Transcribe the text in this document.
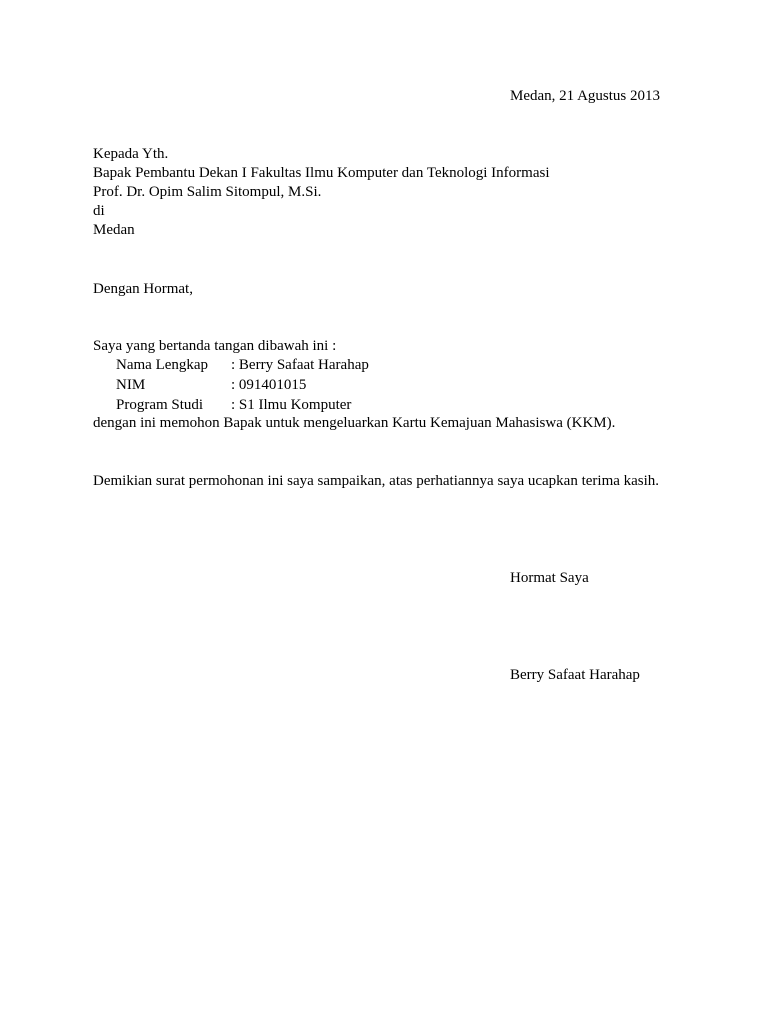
Medan, 21 Agustus 2013
Kepada Yth.
Bapak Pembantu Dekan I Fakultas Ilmu Komputer dan Teknologi Informasi
Prof. Dr. Opim Salim Sitompul, M.Si.
di
Medan
Dengan Hormat,
Saya yang bertanda tangan dibawah ini :
Nama Lengkap : Berry Safaat Harahap
NIM	: 091401015
Program Studi : S1 Ilmu Komputer
dengan ini memohon Bapak untuk mengeluarkan Kartu Kemajuan Mahasiswa (KKM).
Demikian surat permohonan ini saya sampaikan, atas perhatiannya saya ucapkan terima kasih.
Hormat Saya
Berry Safaat Harahap
